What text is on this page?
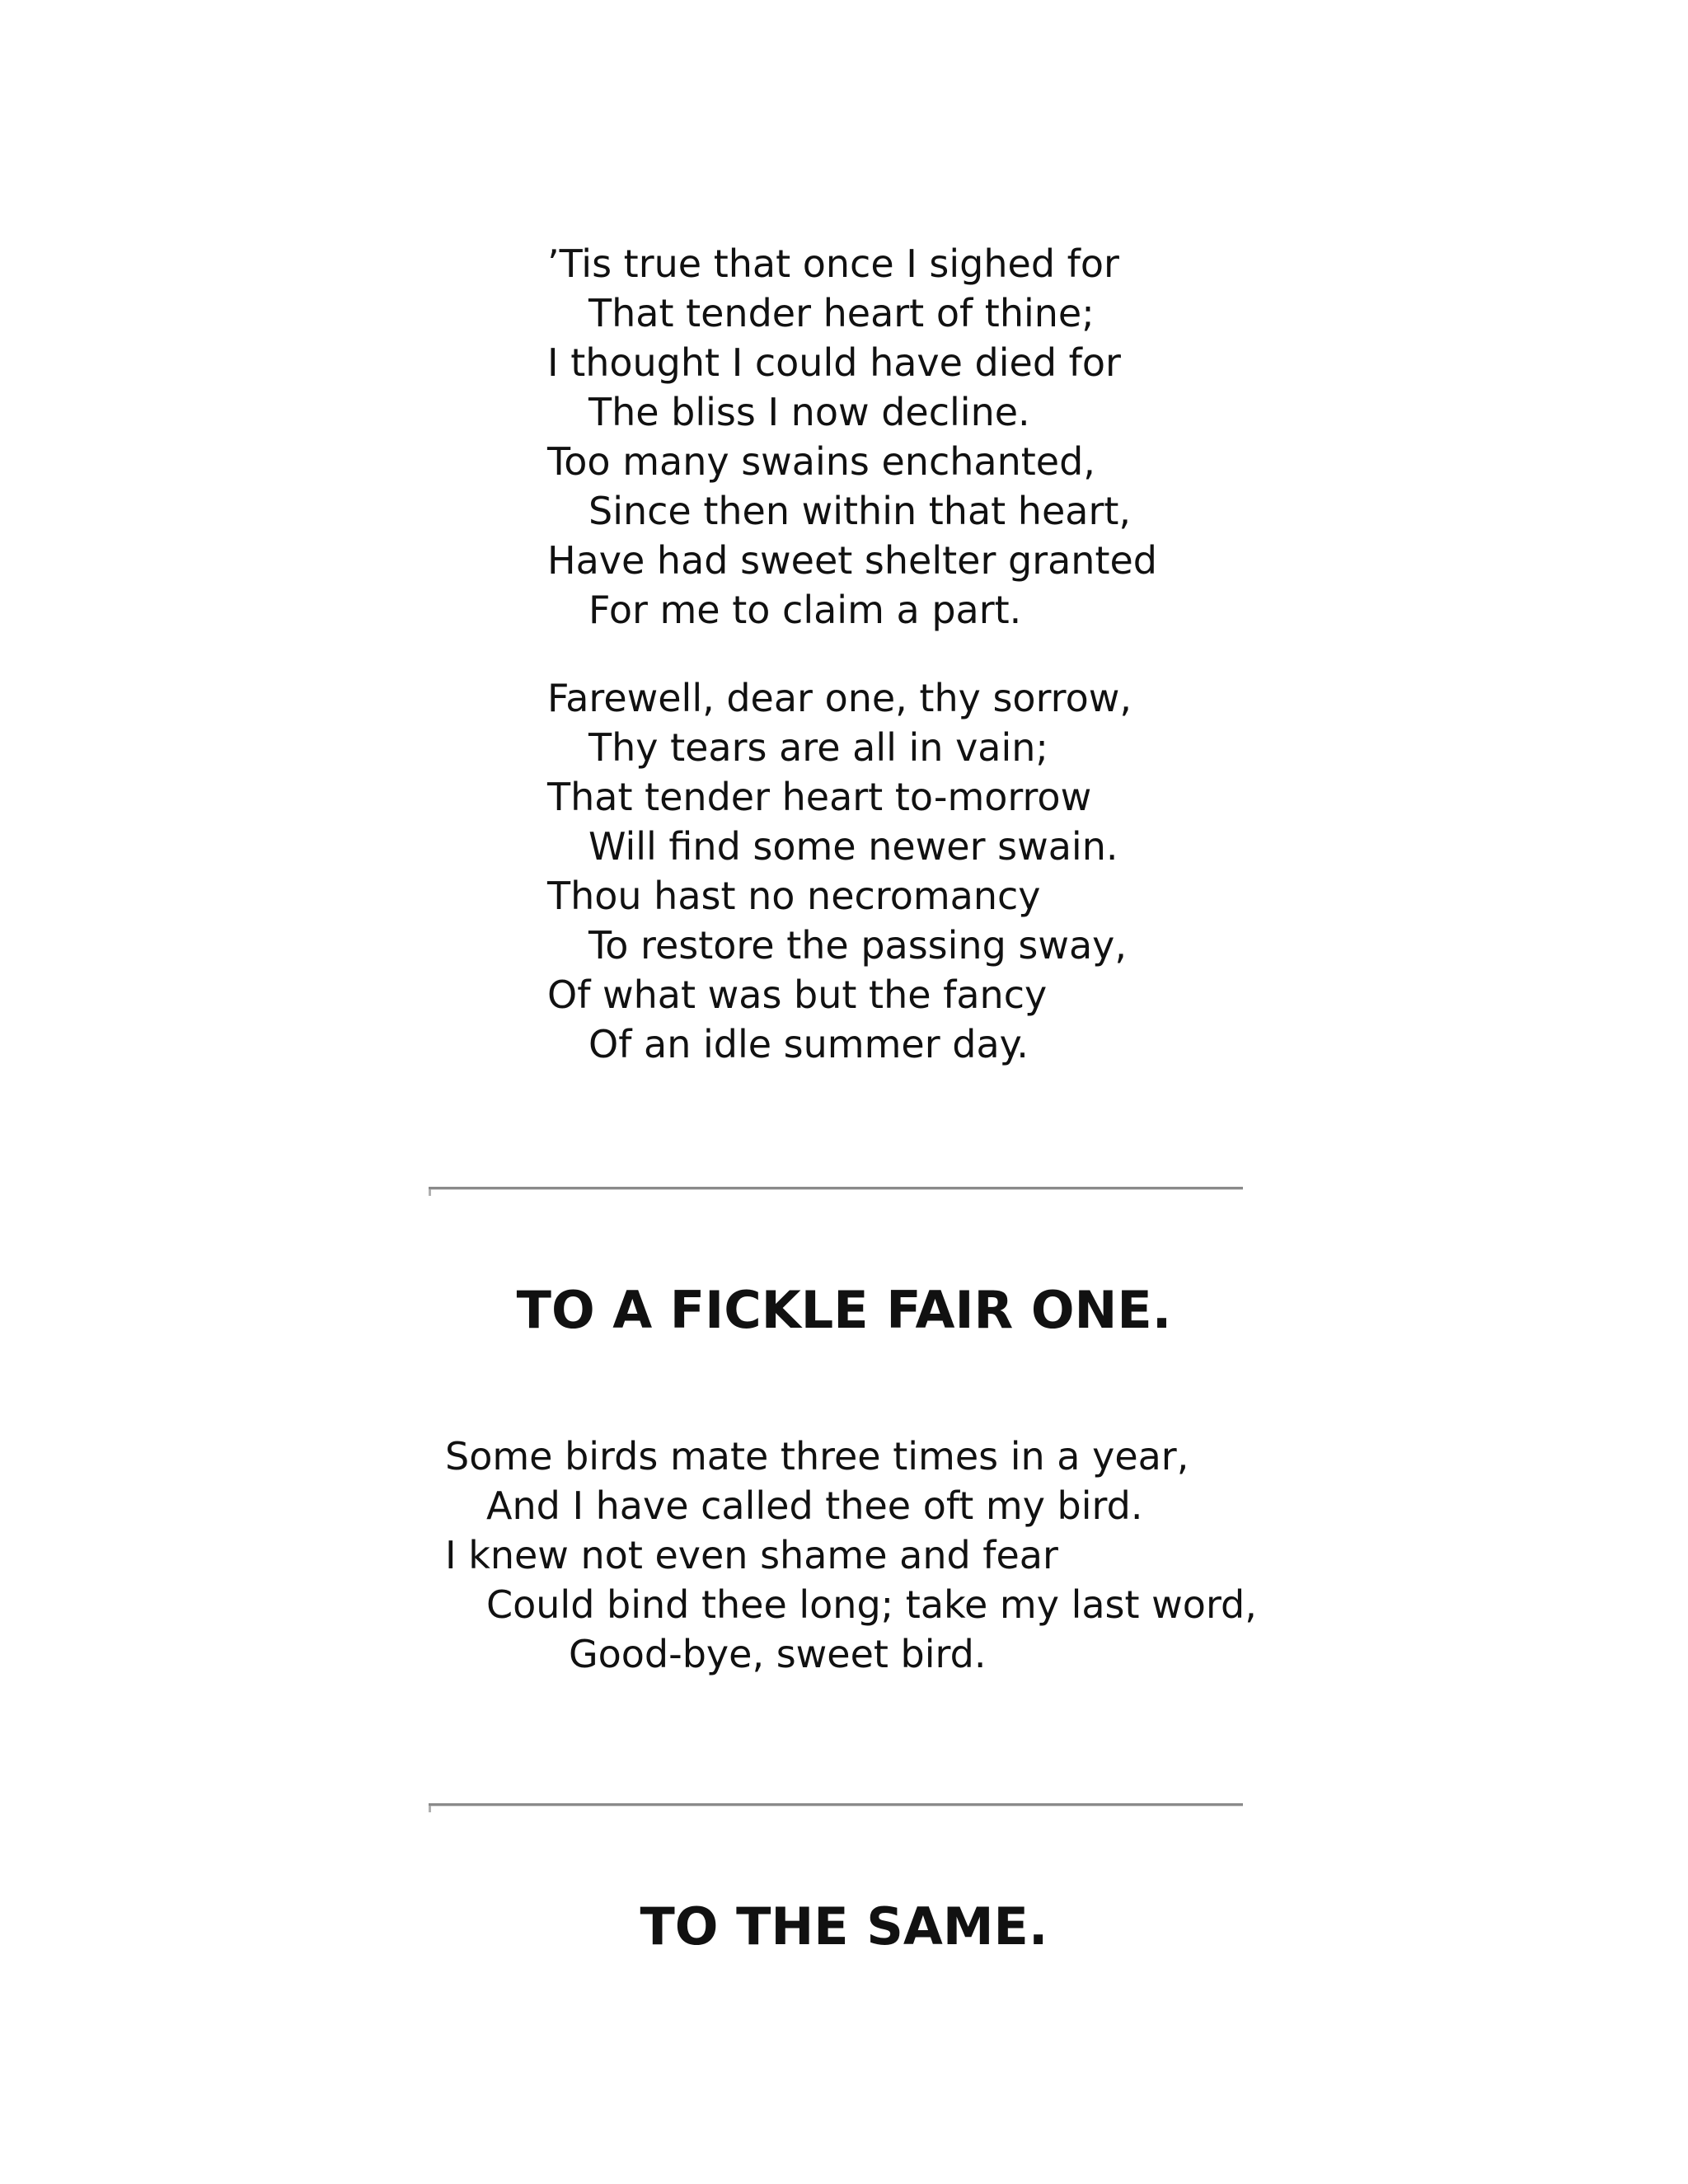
’Tis true that once I sighed for
That tender heart of thine;
I thought I could have died for
The bliss I now decline.
Too many swains enchanted,
Since then within that heart,
Have had sweet shelter granted
For me to claim a part.
Farewell, dear one, thy sorrow,
Thy tears are all in vain;
That tender heart to-morrow
Will find some newer swain.
Thou hast no necromancy
To restore the passing sway,
Of what was but the fancy
Of an idle summer day.
TO A FICKLE FAIR ONE.
Some birds mate three times in a year,
And I have called thee oft my bird.
I knew not even shame and fear
Could bind thee long; take my last word,
Good-bye, sweet bird.
TO THE SAME.
